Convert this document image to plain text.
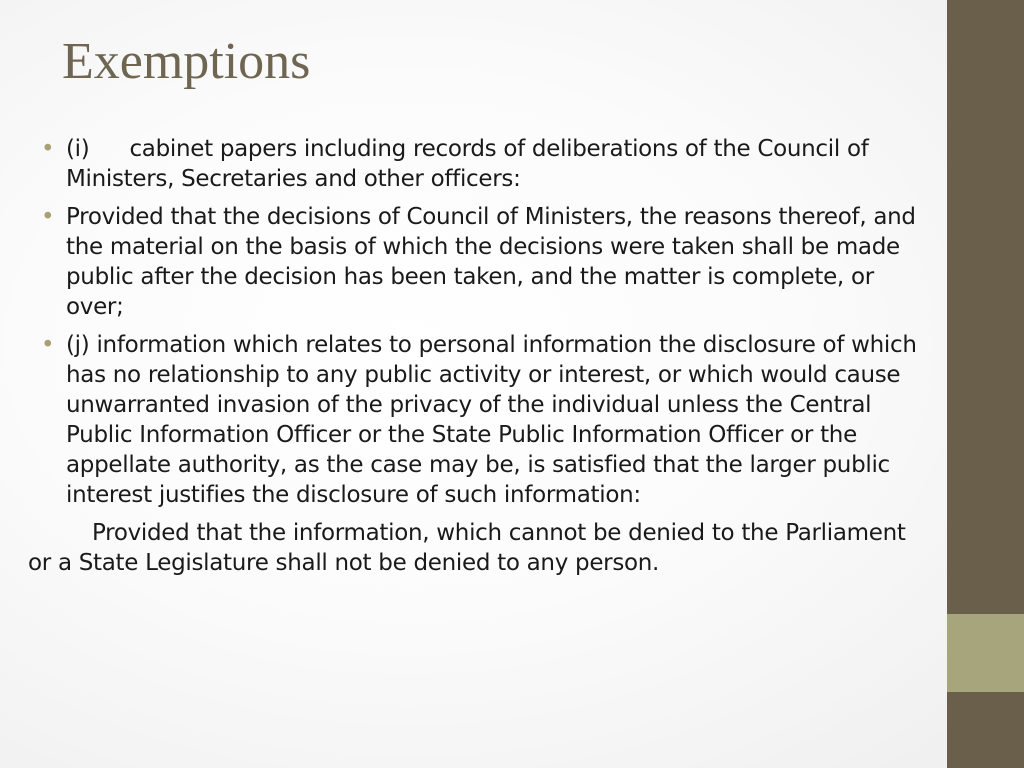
Exemptions
• (i) cabinet papers including records of deliberations of the Council of Ministers, Secretaries and other officers:
• Provided that the decisions of Council of Ministers, the reasons thereof, and the material on the basis of which the decisions were taken shall be made public after the decision has been taken, and the matter is complete, or over;
• (j) information which relates to personal information the disclosure of which has no relationship to any public activity or interest, or which would cause unwarranted invasion of the privacy of the individual unless the Central Public Information Officer or the State Public Information Officer or the appellate authority, as the case may be, is satisfied that the larger public interest justifies the disclosure of such information:
Provided that the information, which cannot be denied to the Parliament or a State Legislature shall not be denied to any person.
